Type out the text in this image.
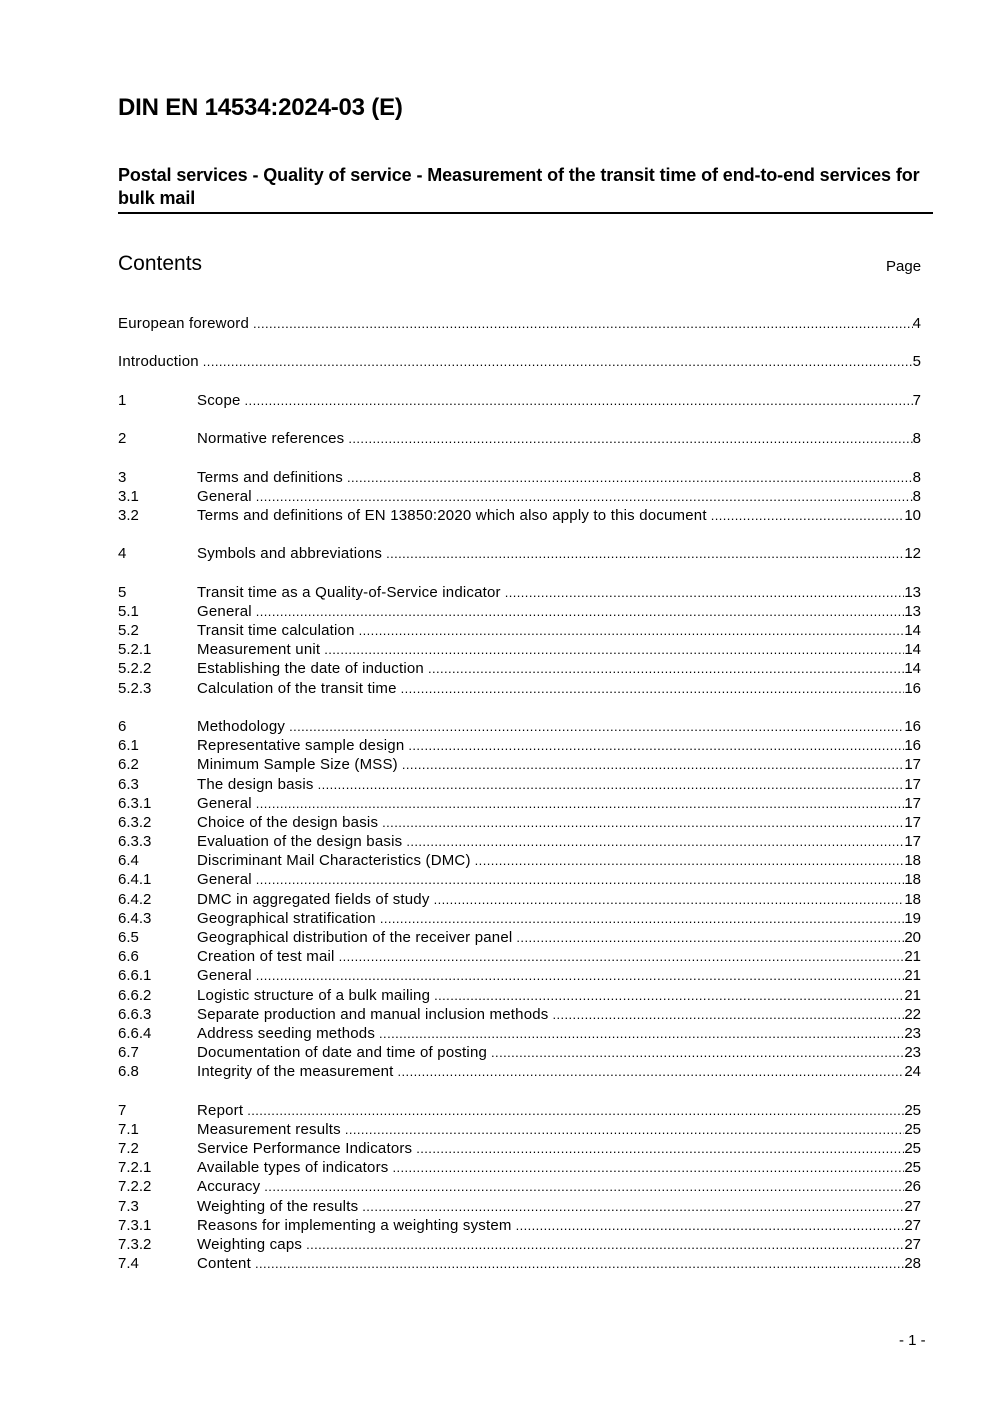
DIN EN 14534:2024-03 (E)
Postal services - Quality of service - Measurement of the transit time of end-to-end services for bulk mail
Contents	Page
European foreword .....	4
Introduction .....	5
1	Scope .....	7
2	Normative references .....	8
3	Terms and definitions .....	8
3.1	General .....	8
3.2	Terms and definitions of EN 13850:2020 which also apply to this document .....	10
4	Symbols and abbreviations .....	12
5	Transit time as a Quality-of-Service indicator .....	13
5.1	General .....	13
5.2	Transit time calculation .....	14
5.2.1	Measurement unit .....	14
5.2.2	Establishing the date of induction .....	14
5.2.3	Calculation of the transit time .....	16
6	Methodology .....	16
6.1	Representative sample design .....	16
6.2	Minimum Sample Size (MSS) .....	17
6.3	The design basis .....	17
6.3.1	General .....	17
6.3.2	Choice of the design basis .....	17
6.3.3	Evaluation of the design basis .....	17
6.4	Discriminant Mail Characteristics (DMC) .....	18
6.4.1	General .....	18
6.4.2	DMC in aggregated fields of study .....	18
6.4.3	Geographical stratification .....	19
6.5	Geographical distribution of the receiver panel .....	20
6.6	Creation of test mail .....	21
6.6.1	General .....	21
6.6.2	Logistic structure of a bulk mailing .....	21
6.6.3	Separate production and manual inclusion methods .....	22
6.6.4	Address seeding methods .....	23
6.7	Documentation of date and time of posting .....	23
6.8	Integrity of the measurement .....	24
7	Report .....	25
7.1	Measurement results .....	25
7.2	Service Performance Indicators .....	25
7.2.1	Available types of indicators .....	25
7.2.2	Accuracy .....	26
7.3	Weighting of the results .....	27
7.3.1	Reasons for implementing a weighting system .....	27
7.3.2	Weighting caps .....	27
7.4	Content .....	28
- 1 -
